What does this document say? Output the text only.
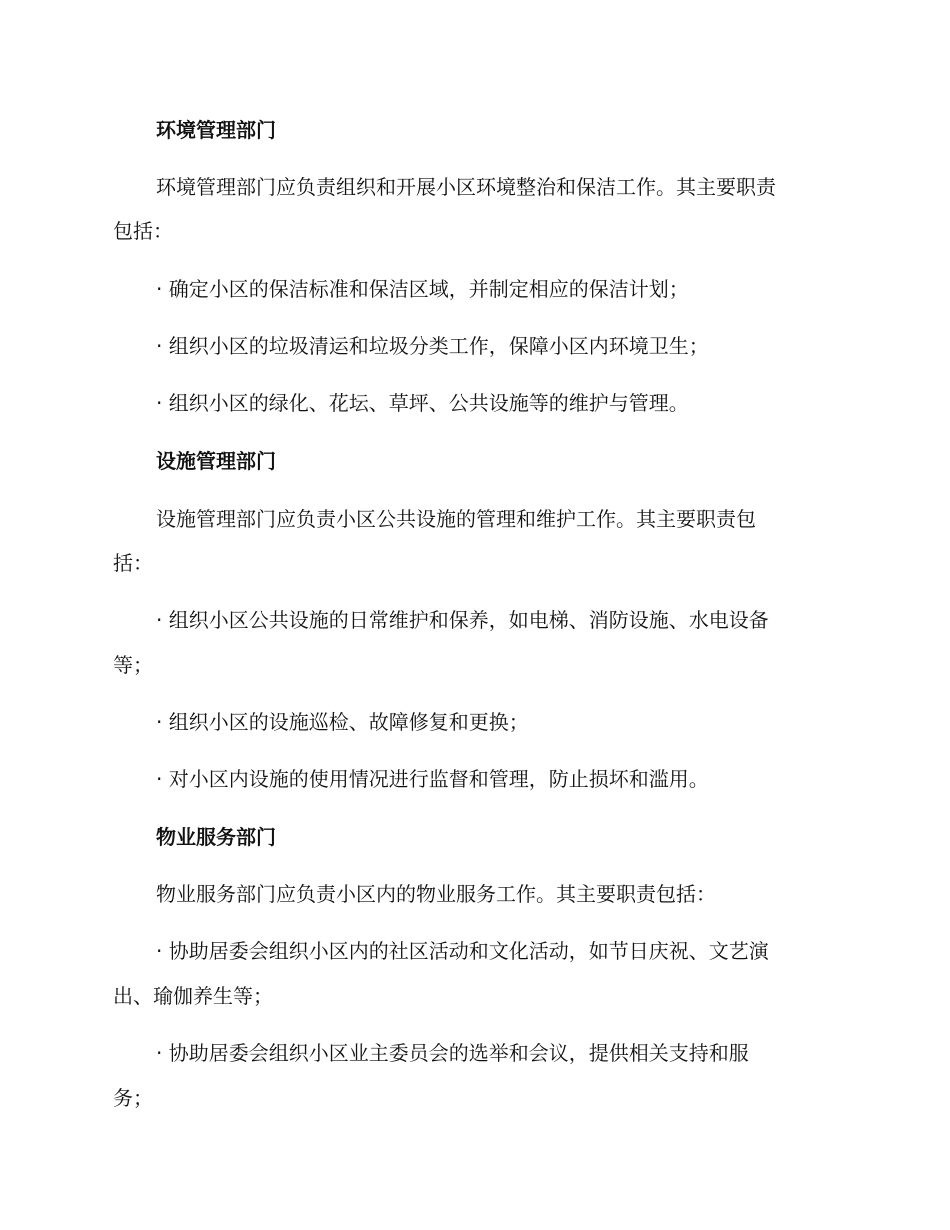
环境管理部门
环境管理部门应负责组织和开展小区环境整治和保洁工作。其主要职责
包括：
· 确定小区的保洁标准和保洁区域，并制定相应的保洁计划；
· 组织小区的垃圾清运和垃圾分类工作，保障小区内环境卫生；
· 组织小区的绿化、花坛、草坪、公共设施等的维护与管理。
设施管理部门
设施管理部门应负责小区公共设施的管理和维护工作。其主要职责包
括：
· 组织小区公共设施的日常维护和保养，如电梯、消防设施、水电设备
等；
· 组织小区的设施巡检、故障修复和更换；
· 对小区内设施的使用情况进行监督和管理，防止损坏和滥用。
物业服务部门
物业服务部门应负责小区内的物业服务工作。其主要职责包括：
· 协助居委会组织小区内的社区活动和文化活动，如节日庆祝、文艺演
出、瑜伽养生等；
· 协助居委会组织小区业主委员会的选举和会议，提供相关支持和服
务；
